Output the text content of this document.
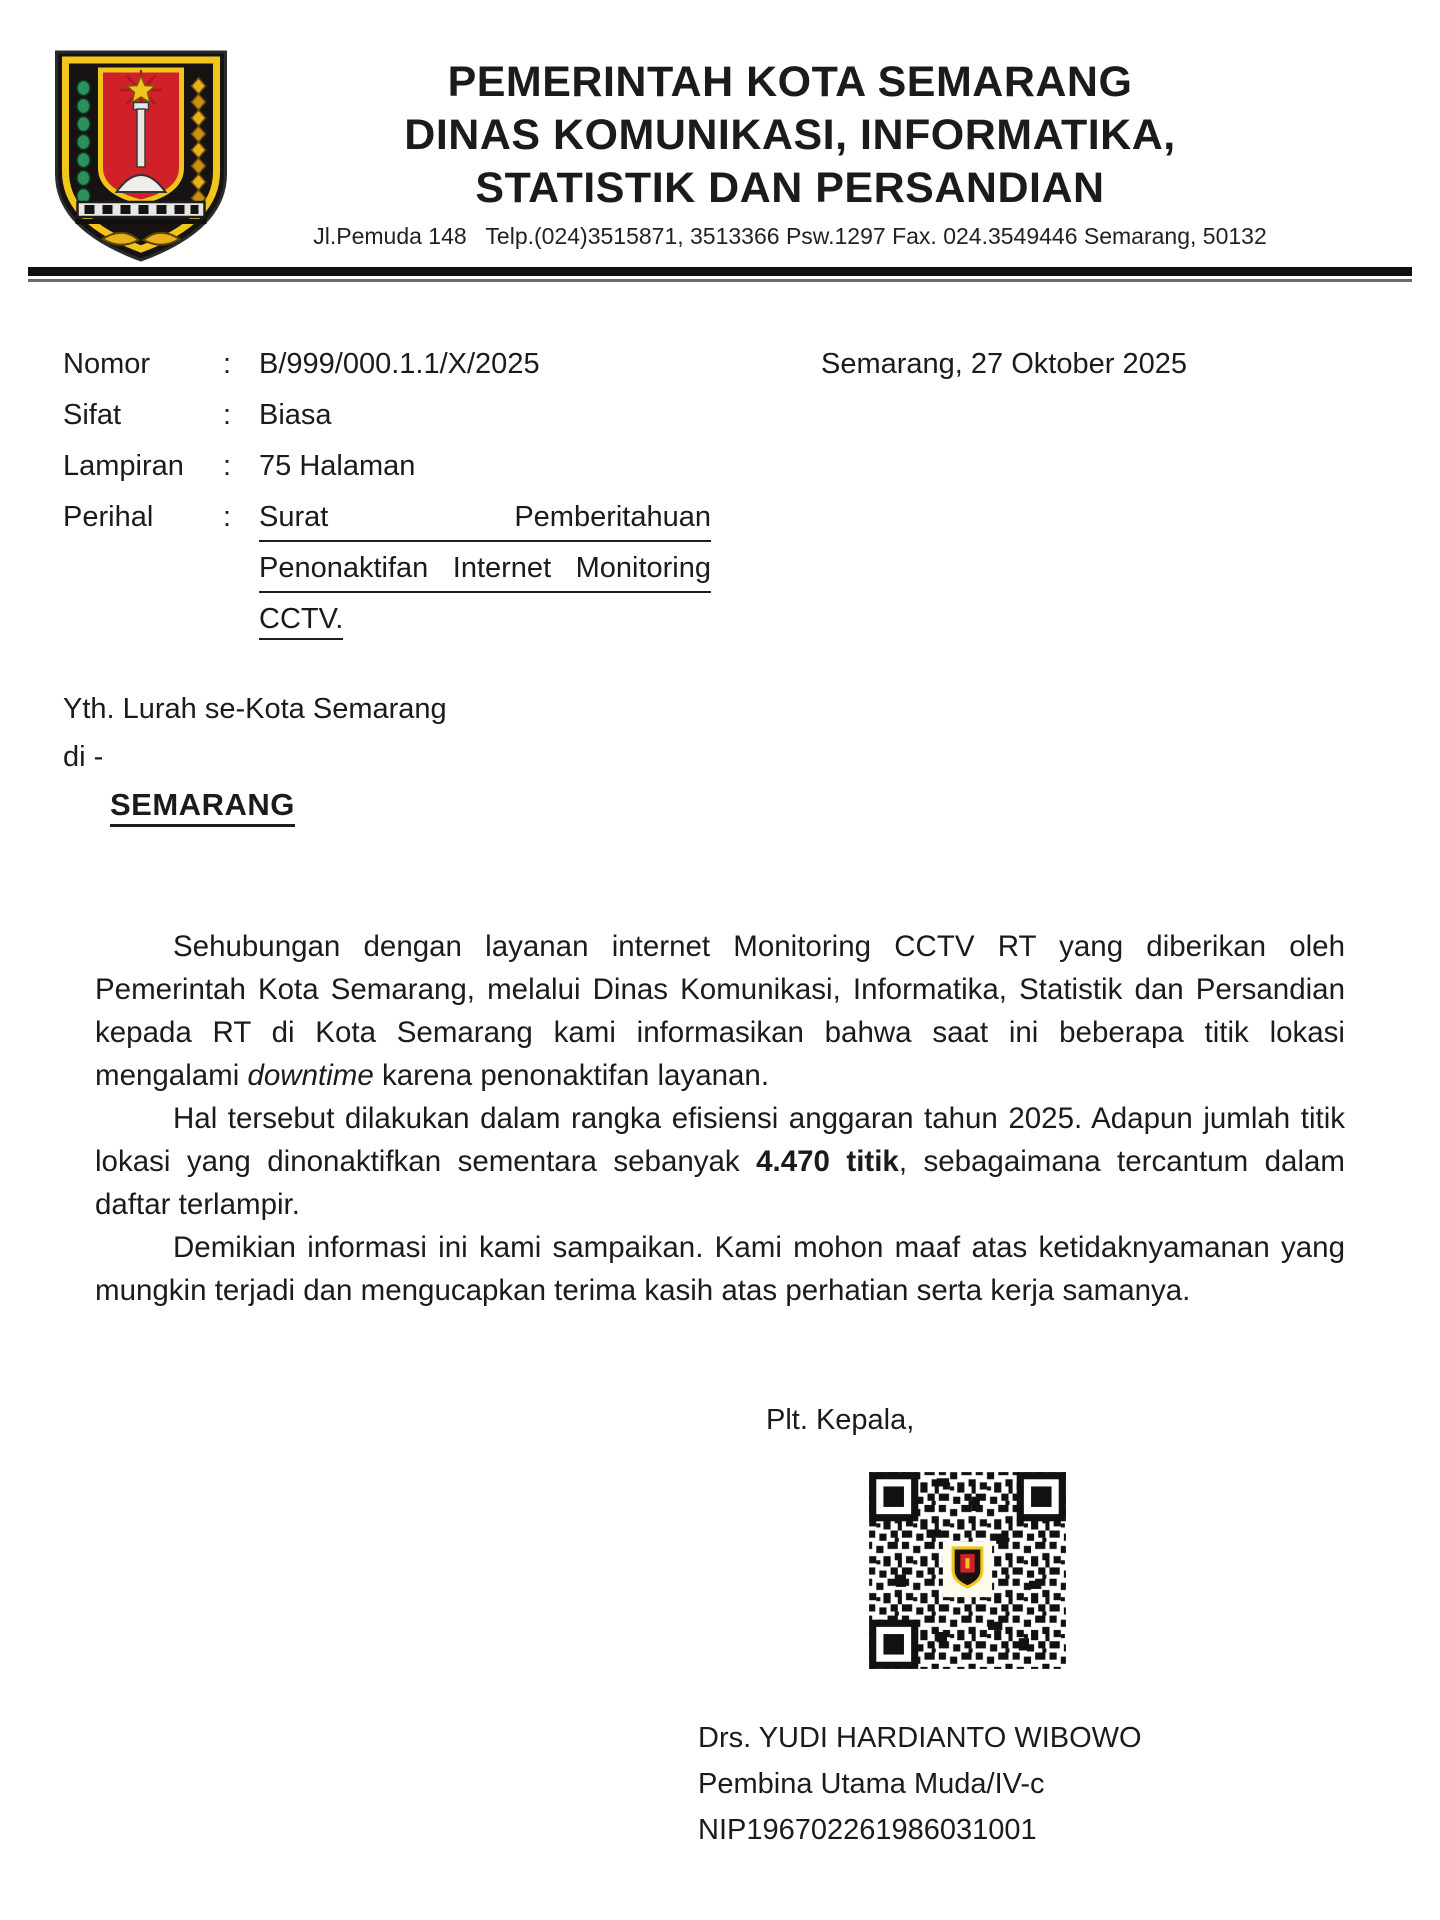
PEMERINTAH KOTA SEMARANG
DINAS KOMUNIKASI, INFORMATIKA,
STATISTIK DAN PERSANDIAN
Jl.Pemuda 148   Telp.(024)3515871, 3513366 Psw.1297 Fax. 024.3549446 Semarang, 50132
Semarang, 27 Oktober 2025
Nomor	: B/999/000.1.1/X/2025
Sifat	: Biasa
Lampiran	: 75 Halaman
Perihal	: Surat	Pemberitahuan
Penonaktifan Internet Monitoring
CCTV.
Yth. Lurah se-Kota Semarang
di -
SEMARANG

Sehubungan dengan layanan internet Monitoring CCTV RT yang diberikan oleh Pemerintah Kota Semarang, melalui Dinas Komunikasi, Informatika, Statistik dan Persandian kepada RT di Kota Semarang kami informasikan bahwa saat ini beberapa titik lokasi mengalami downtime karena penonaktifan layanan.

Hal tersebut dilakukan dalam rangka efisiensi anggaran tahun 2025. Adapun jumlah titik lokasi yang dinonaktifkan sementara sebanyak 4.470 titik, sebagaimana tercantum dalam daftar terlampir.

Demikian informasi ini kami sampaikan. Kami mohon maaf atas ketidaknyamanan yang mungkin terjadi dan mengucapkan terima kasih atas perhatian serta kerja samanya.

Plt. Kepala,
Drs. YUDI HARDIANTO WIBOWO
Pembina Utama Muda/IV-c
NIP196702261986031001
